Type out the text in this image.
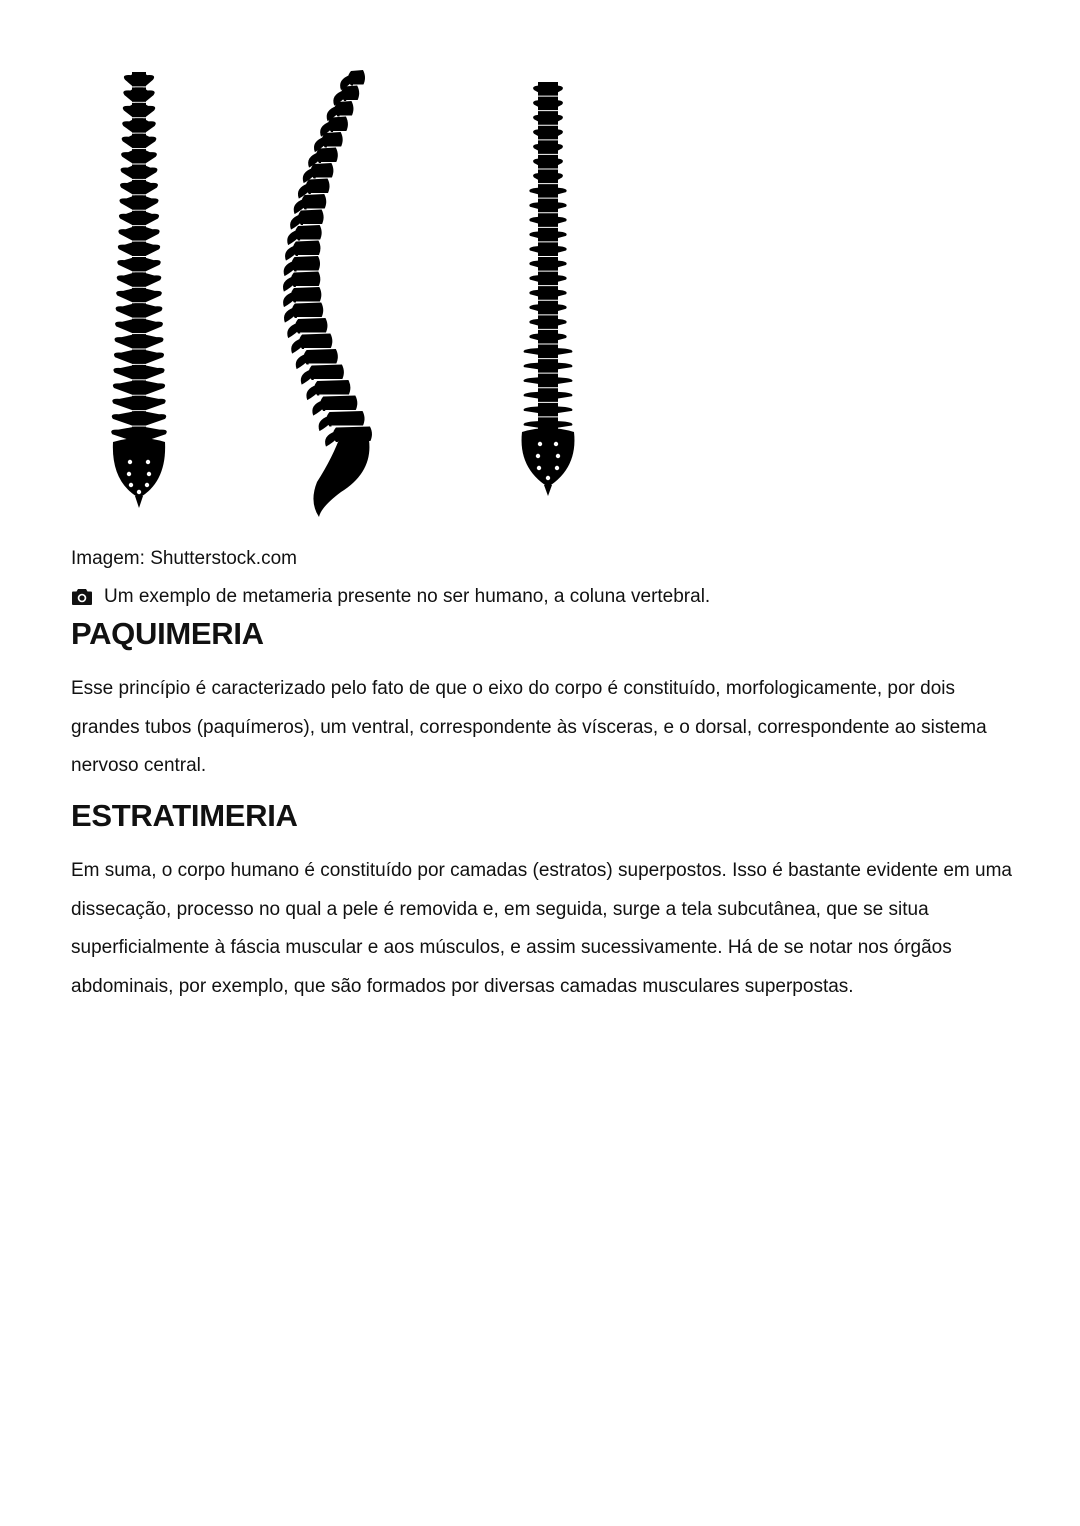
Imagem: Shutterstock.com

Um exemplo de metameria presente no ser humano, a coluna vertebral.

PAQUIMERIA

Esse princípio é caracterizado pelo fato de que o eixo do corpo é constituído, morfologicamente, por dois grandes tubos (paquímeros), um ventral, correspondente às vísceras, e o dorsal, correspondente ao sistema nervoso central.

ESTRATIMERIA

Em suma, o corpo humano é constituído por camadas (estratos) superpostos. Isso é bastante evidente em uma dissecação, processo no qual a pele é removida e, em seguida, surge a tela subcutânea, que se situa superficialmente à fáscia muscular e aos músculos, e assim sucessivamente. Há de se notar nos órgãos abdominais, por exemplo, que são formados por diversas camadas musculares superpostas.
